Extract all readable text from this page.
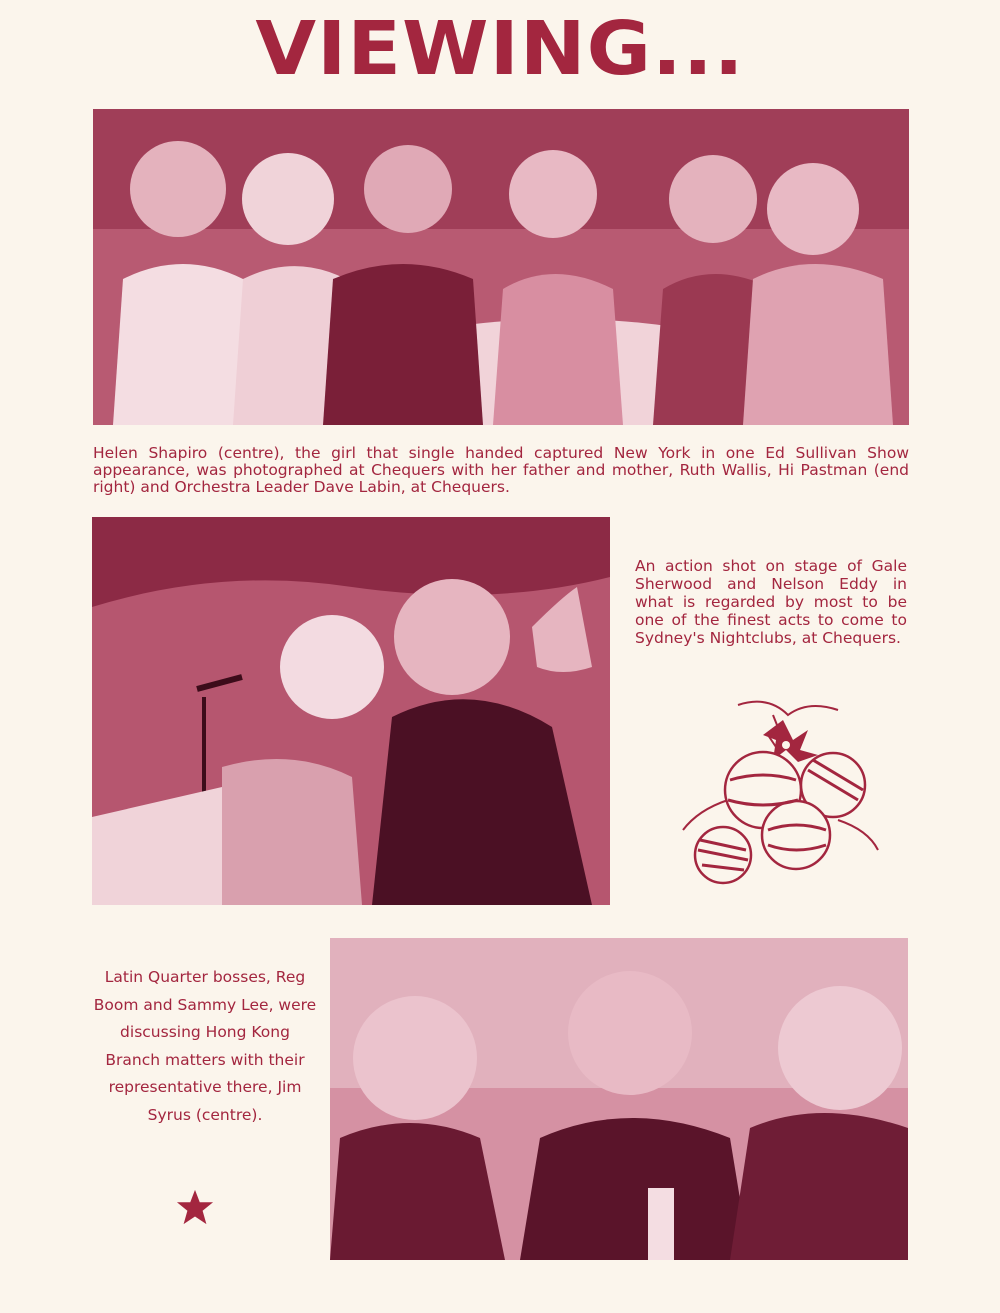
VIEWING...
Helen Shapiro (centre), the girl that single handed captured New York in one Ed Sullivan Show appearance, was photographed at Chequers with her father and mother, Ruth Wallis, Hi Pastman (end right) and Orchestra Leader Dave Labin, at Chequers.
An action shot on stage of Gale Sherwood and Nelson Eddy in what is regarded by most to be one of the finest acts to come to Sydney's Nightclubs, at Chequers.
Latin Quarter bosses, Reg Boom and Sammy Lee, were discussing Hong Kong Branch matters with their representative there, Jim Syrus (centre).
